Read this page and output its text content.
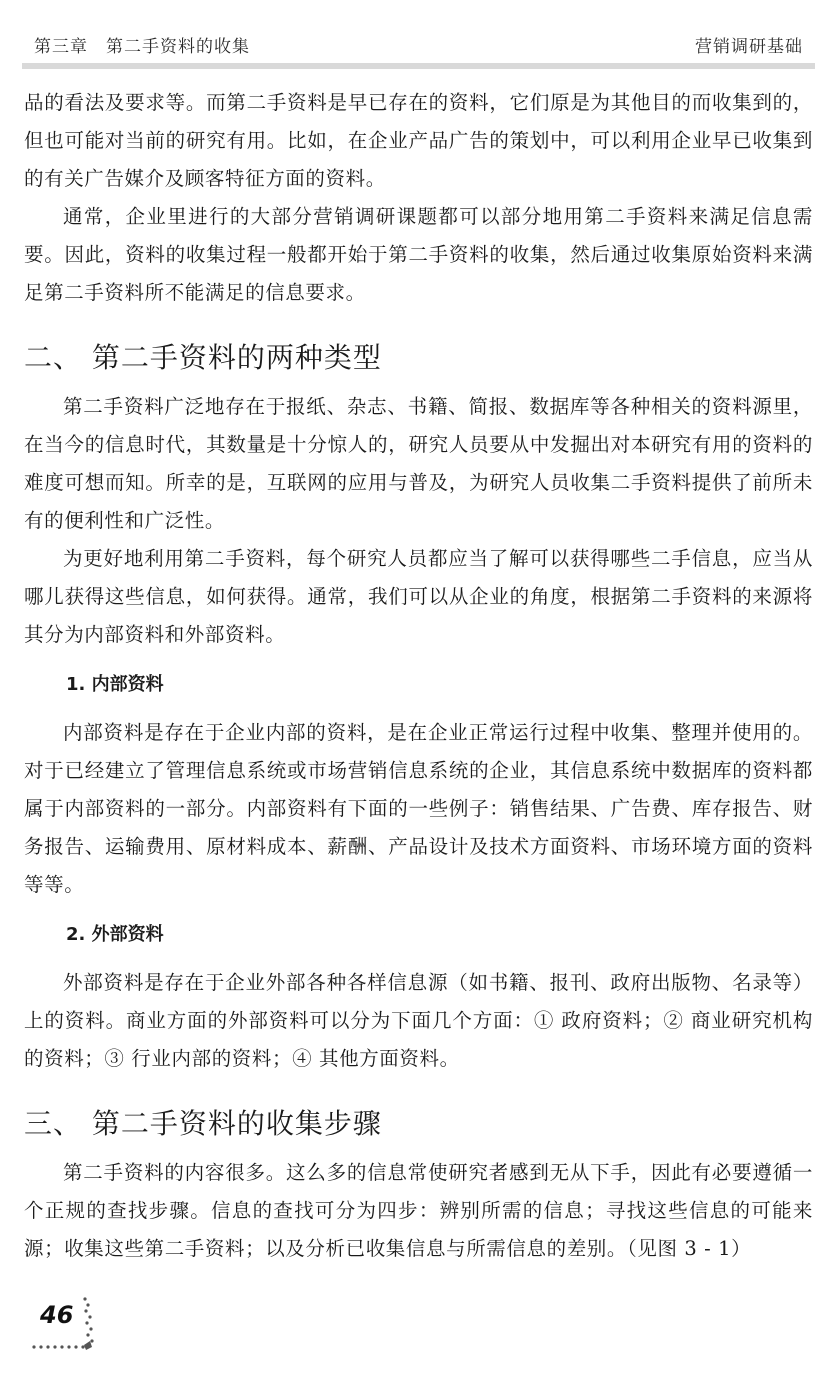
第三章　第二手资料的收集	营销调研基础

品的看法及要求等。而第二手资料是早已存在的资料，它们原是为其他目的而收集到的，但也可能对当前的研究有用。比如，在企业产品广告的策划中，可以利用企业早已收集到的有关广告媒介及顾客特征方面的资料。

通常，企业里进行的大部分营销调研课题都可以部分地用第二手资料来满足信息需要。因此，资料的收集过程一般都开始于第二手资料的收集，然后通过收集原始资料来满足第二手资料所不能满足的信息要求。

二、 第二手资料的两种类型

第二手资料广泛地存在于报纸、杂志、书籍、简报、数据库等各种相关的资料源里，在当今的信息时代，其数量是十分惊人的，研究人员要从中发掘出对本研究有用的资料的难度可想而知。所幸的是，互联网的应用与普及，为研究人员收集二手资料提供了前所未有的便利性和广泛性。

为更好地利用第二手资料，每个研究人员都应当了解可以获得哪些二手信息，应当从哪儿获得这些信息，如何获得。通常，我们可以从企业的角度，根据第二手资料的来源将其分为内部资料和外部资料。

1. 内部资料

内部资料是存在于企业内部的资料，是在企业正常运行过程中收集、整理并使用的。对于已经建立了管理信息系统或市场营销信息系统的企业，其信息系统中数据库的资料都属于内部资料的一部分。内部资料有下面的一些例子：销售结果、广告费、库存报告、财务报告、运输费用、原材料成本、薪酬、产品设计及技术方面资料、市场环境方面的资料等等。

2. 外部资料

外部资料是存在于企业外部各种各样信息源（如书籍、报刊、政府出版物、名录等）上的资料。商业方面的外部资料可以分为下面几个方面：① 政府资料；② 商业研究机构的资料；③ 行业内部的资料；④ 其他方面资料。

三、 第二手资料的收集步骤

第二手资料的内容很多。这么多的信息常使研究者感到无从下手，因此有必要遵循一个正规的查找步骤。信息的查找可分为四步：辨别所需的信息；寻找这些信息的可能来源；收集这些第二手资料；以及分析已收集信息与所需信息的差别。（见图 3 - 1）

46
